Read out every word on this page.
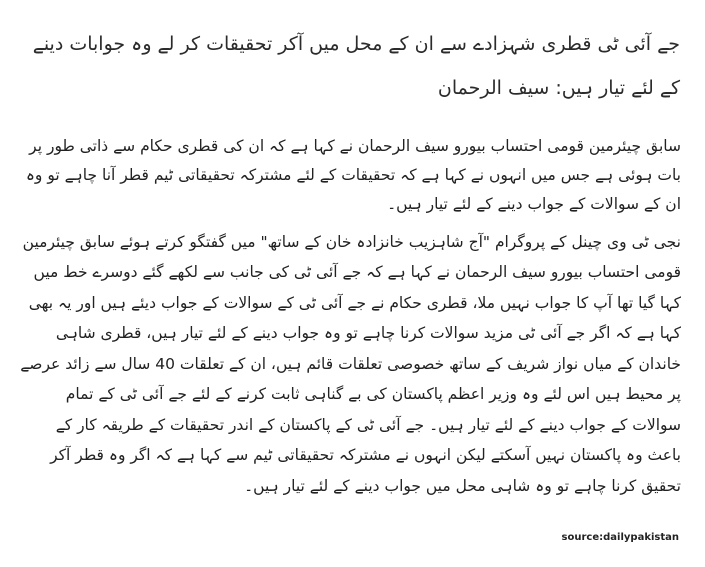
جے آئی ٹی قطری شہزادے سے ان کے محل میں آکر تحقیقات کر لے وہ جوابات دینے کے لئے تیار ہیں: سیف الرحمان

سابق چیئرمین قومی احتساب بیورو سیف الرحمان نے کہا ہے کہ ان کی قطری حکام سے ذاتی طور پر بات ہوئی ہے جس میں انہوں نے کہا ہے کہ تحقیقات کے لئے مشترکہ تحقیقاتی ٹیم قطر آنا چاہے تو وہ ان کے سوالات کے جواب دینے کے لئے تیار ہیں۔

نجی ٹی وی چینل کے پروگرام "آج شاہزیب خانزادہ خان کے ساتھ" میں گفتگو کرتے ہوئے سابق چیئرمین قومی احتساب بیورو سیف الرحمان نے کہا ہے کہ جے آئی ٹی کی جانب سے لکھے گئے دوسرے خط میں کہا گیا تھا آپ کا جواب نہیں ملا، قطری حکام نے جے آئی ٹی کے سوالات کے جواب دیئے ہیں اور یہ بھی کہا ہے کہ اگر جے آئی ٹی مزید سوالات کرنا چاہے تو وہ جواب دینے کے لئے تیار ہیں، قطری شاہی خاندان کے میاں نواز شریف کے ساتھ خصوصی تعلقات قائم ہیں، ان کے تعلقات 40 سال سے زائد عرصے پر محیط ہیں اس لئے وہ وزیر اعظم پاکستان کی بے گناہی ثابت کرنے کے لئے جے آئی ٹی کے تمام سوالات کے جواب دینے کے لئے تیار ہیں۔ جے آئی ٹی کے پاکستان کے اندر تحقیقات کے طریقہ کار کے باعث وہ پاکستان نہیں آسکتے لیکن انہوں نے مشترکہ تحقیقاتی ٹیم سے کہا ہے کہ اگر وہ قطر آکر تحقیق کرنا چاہے تو وہ شاہی محل میں جواب دینے کے لئے تیار ہیں۔

source:dailypakistan
